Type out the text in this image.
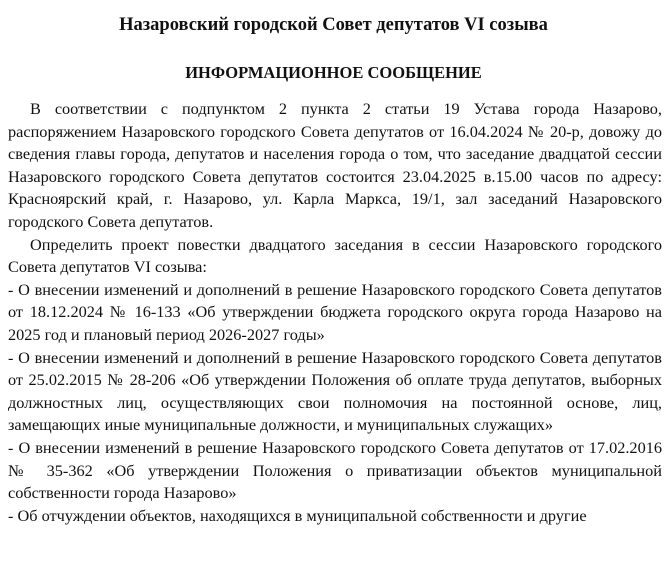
Назаровский городской Совет депутатов VI созыва
ИНФОРМАЦИОННОЕ СООБЩЕНИЕ

В соответствии с подпунктом 2 пункта 2 статьи 19 Устава города Назарово, распоряжением Назаровского городского Совета депутатов от 16.04.2024 № 20-р, довожу до сведения главы города, депутатов и населения города о том, что заседание двадцатой сессии Назаровского городского Совета депутатов состоится 23.04.2025 в.15.00 часов по адресу: Красноярский край, г. Назарово, ул. Карла Маркса, 19/1, зал заседаний Назаровского городского Совета депутатов.

Определить проект повестки двадцатого заседания в сессии Назаровского городского Совета депутатов VI созыва:

- О внесении изменений и дополнений в решение Назаровского городского Совета депутатов от 18.12.2024 № 16-133 «Об утверждении бюджета городского округа города Назарово на 2025 год и плановый период 2026-2027 годы»

- О внесении изменений и дополнений в решение Назаровского городского Совета депутатов от 25.02.2015 № 28-206 «Об утверждении Положения об оплате труда депутатов, выборных должностных лиц, осуществляющих свои полномочия на постоянной основе, лиц, замещающих иные муниципальные должности, и муниципальных служащих»

- О внесении изменений в решение Назаровского городского Совета депутатов от 17.02.2016 № 35-362 «Об утверждении Положения о приватизации объектов муниципальной собственности города Назарово»

- Об отчуждении объектов, находящихся в муниципальной собственности и другие
